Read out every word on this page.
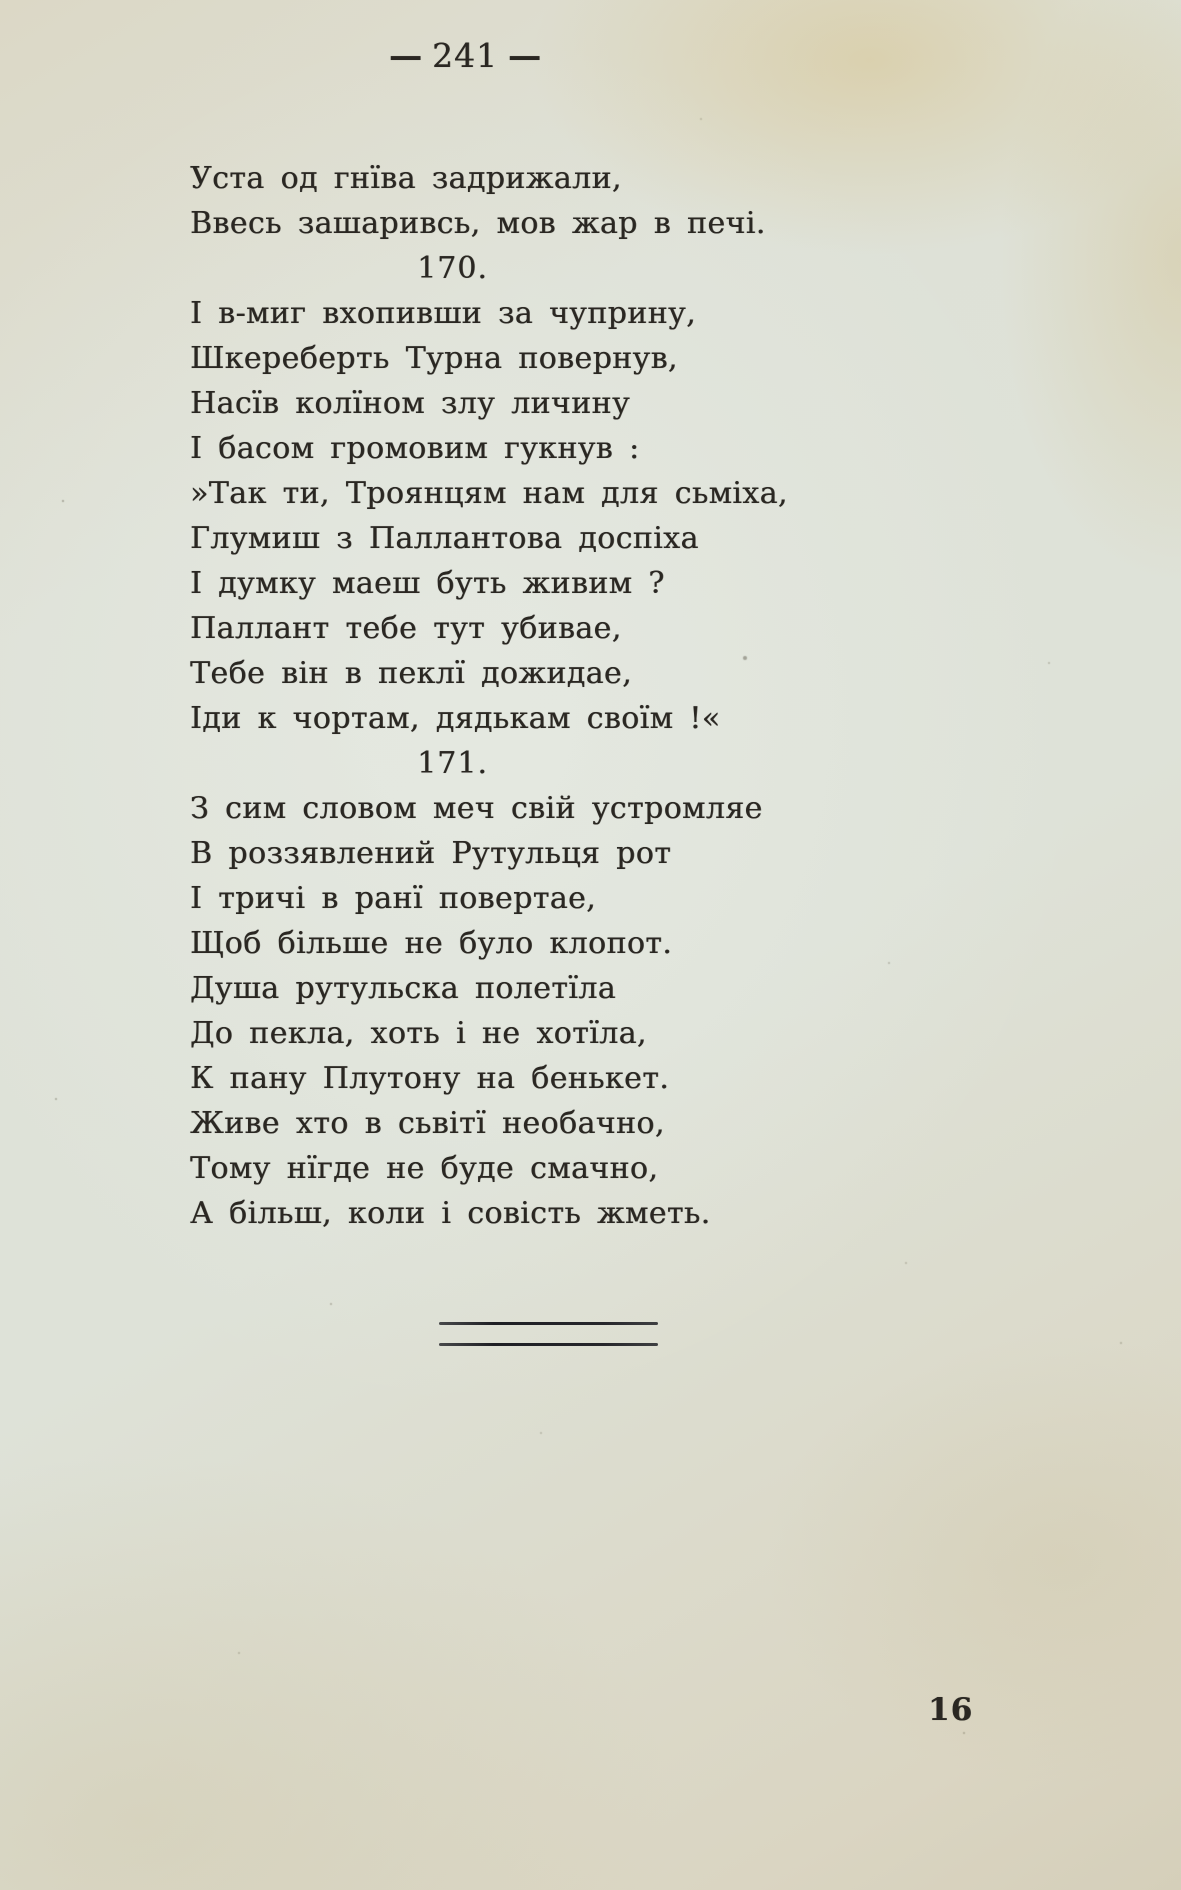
— 241 —
Уста од гнїва задрижали,
Ввесь зашаривсь, мов жар в печі.
170.
І в-миг вхопивши за чуприну,
Шкереберть Турна повернув,
Насїв колїном злу личину
І басом громовим гукнув :
»Так ти, Троянцям нам для сьміха,
Глумиш з Паллантова доспіха
І думку маеш буть живим ?
Паллант тебе тут убивае,
Тебе він в пеклї дожидае,
Іди к чортам, дядькам своїм !«
171.
З сим словом меч свій устромляе
В роззявлений Рутульця рот
І тричі в ранї повертае,
Щоб більше не було клопот.
Душа рутульска полетїла
До пекла, хоть і не хотїла,
К пану Плутону на бенькет.
Живе хто в сьвітї необачно,
Тому нїгде не буде смачно,
А більш, коли і совість жметь.
16
